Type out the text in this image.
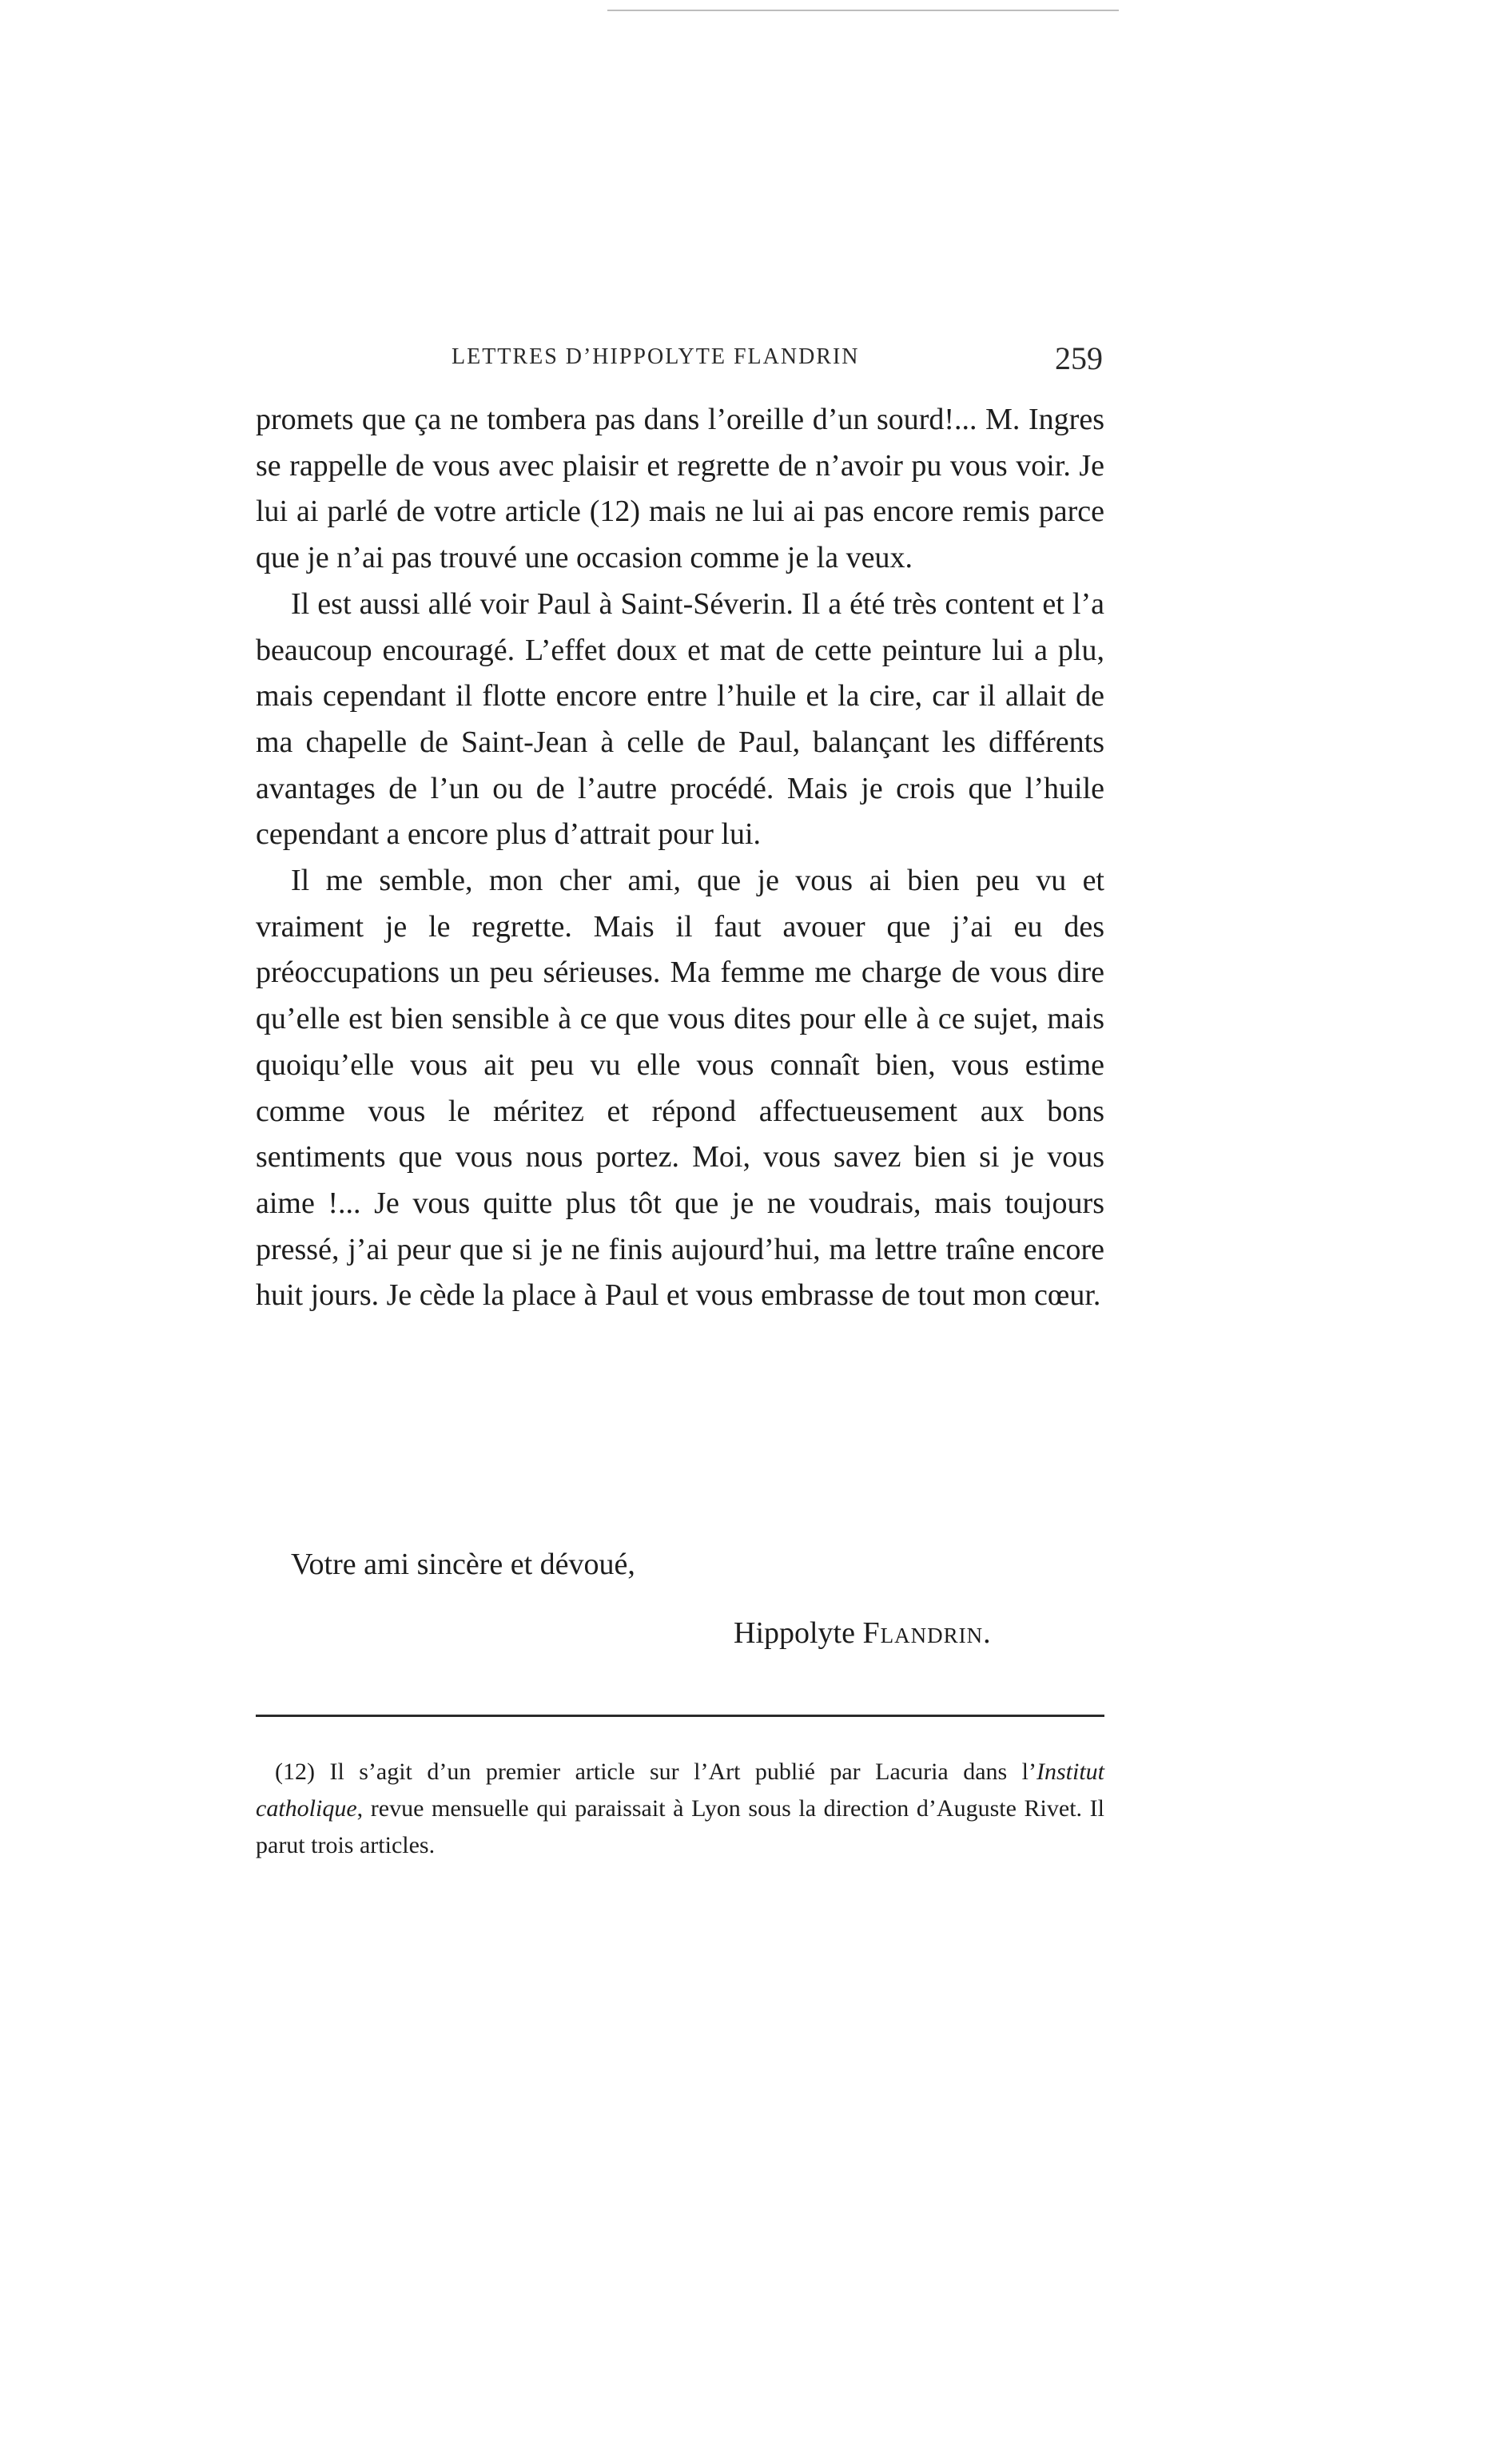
LETTRES D’HIPPOLYTE FLANDRIN	259

promets que ça ne tombera pas dans l’oreille d’un sourd!... M. Ingres se rappelle de vous avec plaisir et regrette de n’avoir pu vous voir. Je lui ai parlé de votre article (12) mais ne lui ai pas encore remis parce que je n’ai pas trouvé une occasion comme je la veux.

Il est aussi allé voir Paul à Saint-Séverin. Il a été très content et l’a beaucoup encouragé. L’effet doux et mat de cette peinture lui a plu, mais cependant il flotte encore entre l’huile et la cire, car il allait de ma chapelle de Saint-Jean à celle de Paul, balançant les différents avantages de l’un ou de l’autre procédé. Mais je crois que l’huile cependant a encore plus d’attrait pour lui.

Il me semble, mon cher ami, que je vous ai bien peu vu et vraiment je le regrette. Mais il faut avouer que j’ai eu des préoccupations un peu sérieuses. Ma femme me charge de vous dire qu’elle est bien sensible à ce que vous dites pour elle à ce sujet, mais quoiqu’elle vous ait peu vu elle vous connaît bien, vous estime comme vous le méritez et répond affectueusement aux bons sentiments que vous nous portez. Moi, vous savez bien si je vous aime !... Je vous quitte plus tôt que je ne voudrais, mais toujours pressé, j’ai peur que si je ne finis aujourd’hui, ma lettre traîne encore huit jours. Je cède la place à Paul et vous embrasse de tout mon cœur.

Votre ami sincère et dévoué,
Hippolyte Flandrin.

(12) Il s’agit d’un premier article sur l’Art publié par Lacuria dans l’Institut catholique, revue mensuelle qui paraissait à Lyon sous la direction d’Auguste Rivet. Il parut trois articles.
